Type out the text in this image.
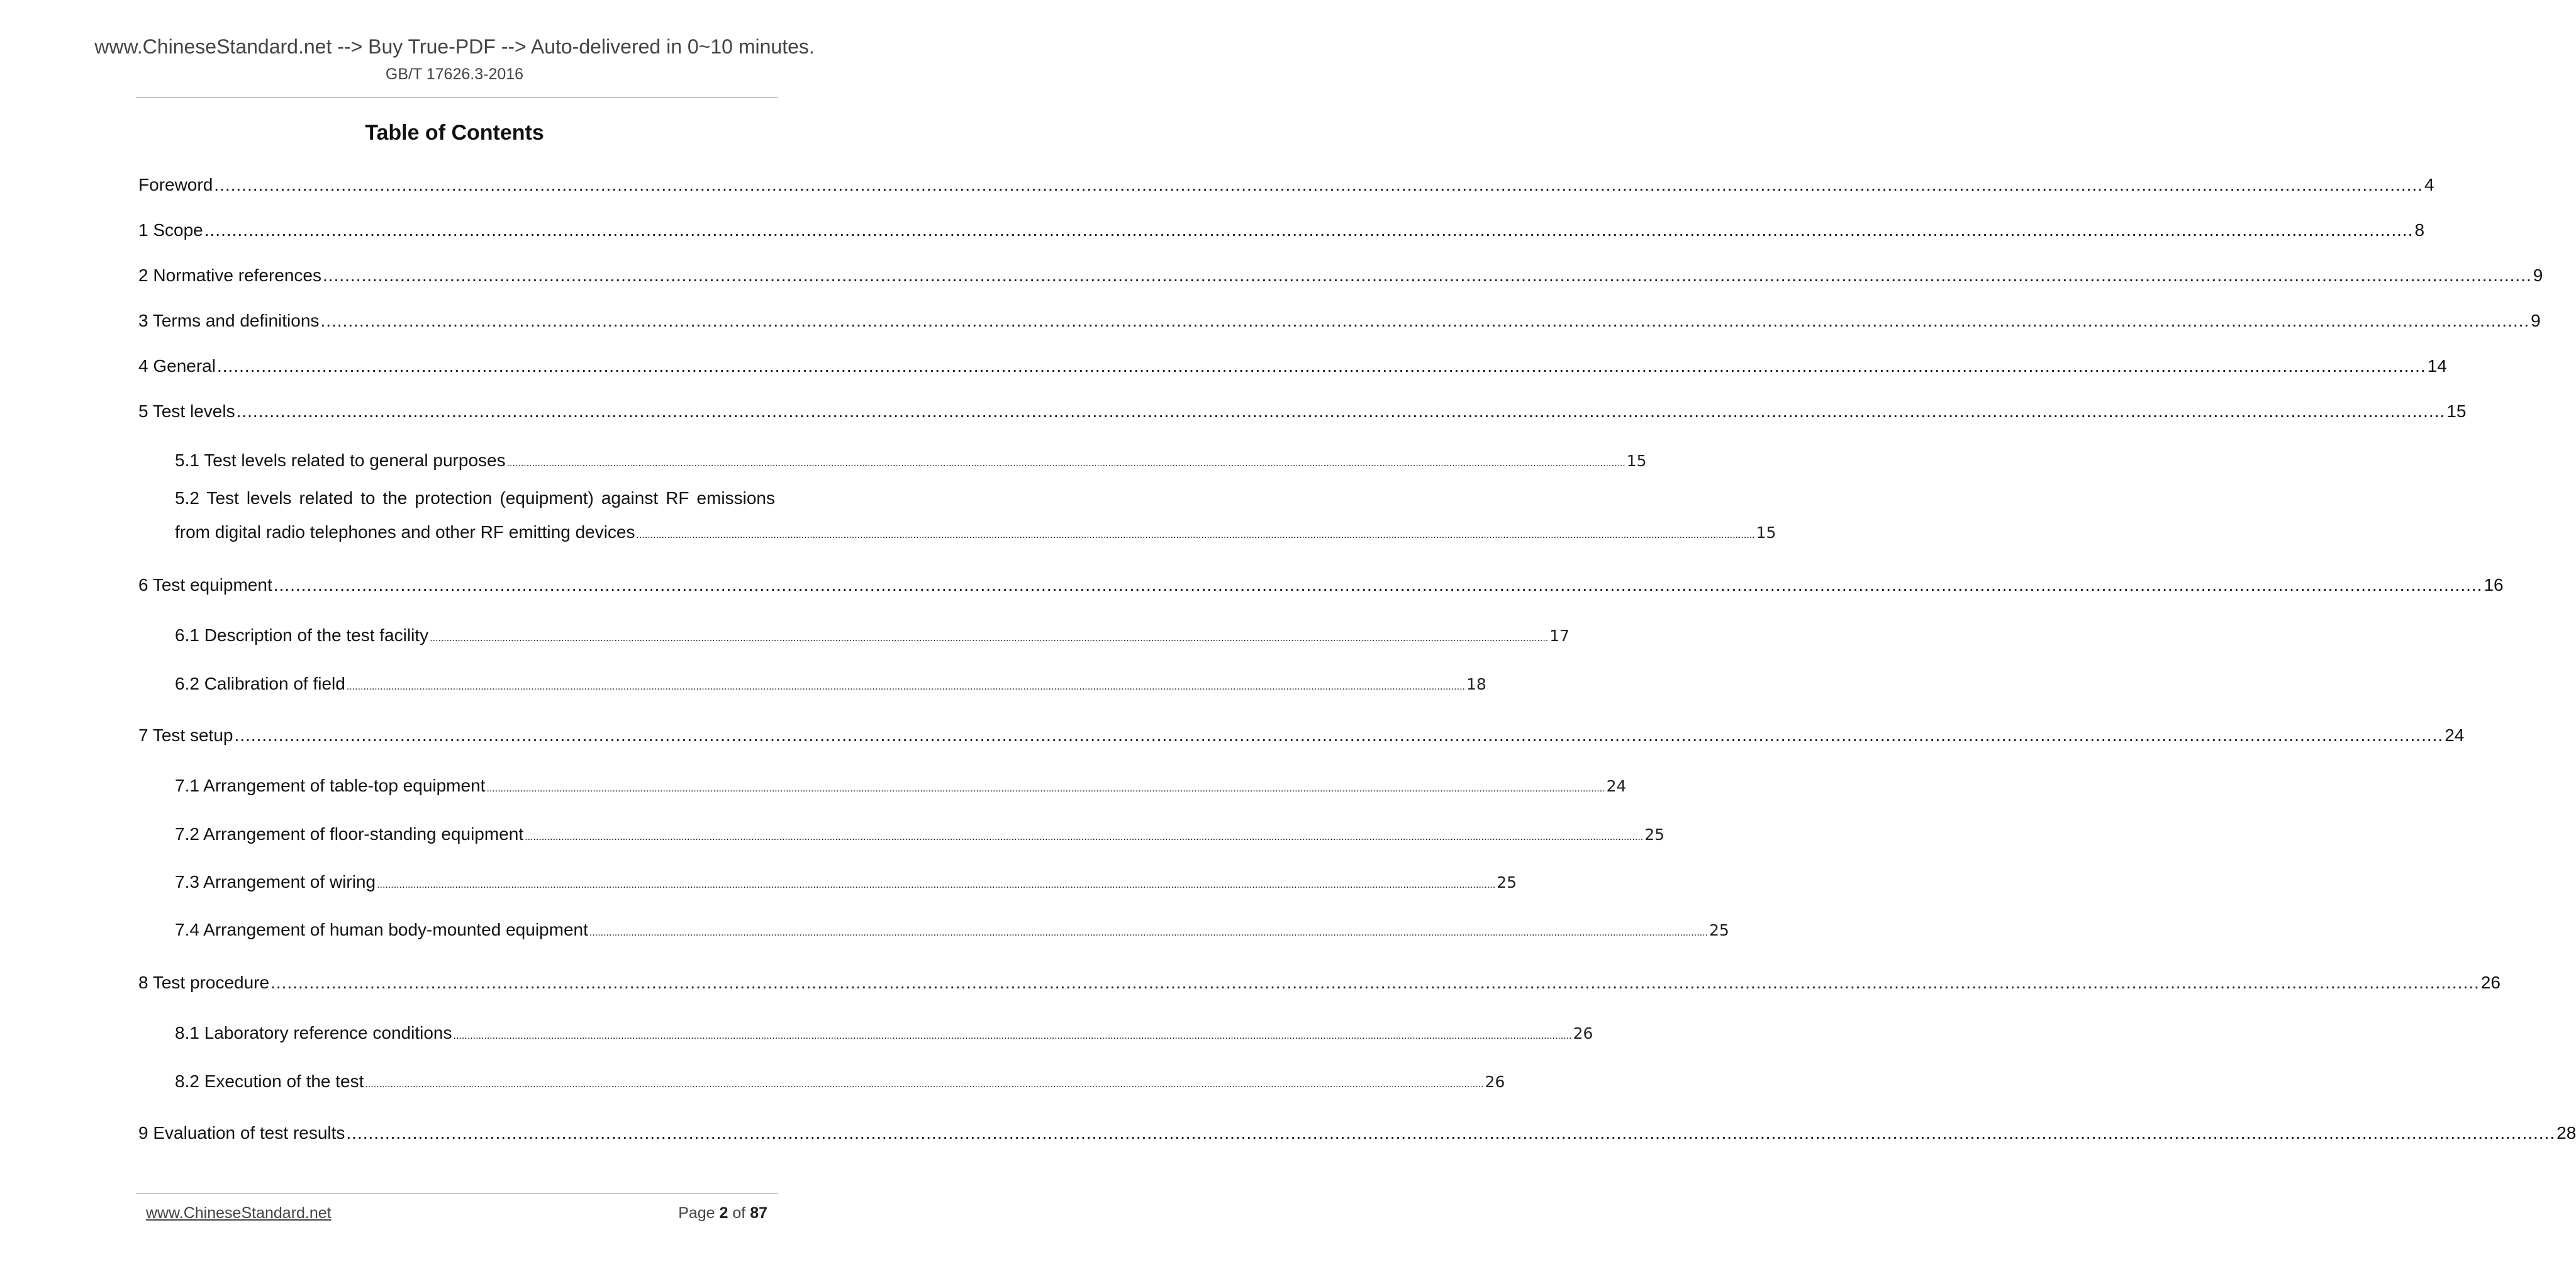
www.ChineseStandard.net --> Buy True-PDF --> Auto-delivered in 0~10 minutes.
GB/T 17626.3-2016
Table of Contents
Foreword ................................................................................................................................................................................................................................................................................................................................................................................................................ 4
1 Scope ................................................................................................................................................................................................................................................................................................................................................................................................................ 8
2 Normative references ................................................................................................................................................................................................................................................................................................................................................................................................................ 9
3 Terms and definitions ................................................................................................................................................................................................................................................................................................................................................................................................................ 9
4 General ................................................................................................................................................................................................................................................................................................................................................................................................................ 14
5 Test levels ................................................................................................................................................................................................................................................................................................................................................................................................................ 15
5.1 Test levels related to general purposes ................................................................................................................................................................................................................................................................................................................................................................................................................ 15
5.2 Test levels related to the protection (equipment) against RF emissions
from digital radio telephones and other RF emitting devices ................................................................................................................................................................................................................................................................................................................................................................................................................ 15
6 Test equipment ................................................................................................................................................................................................................................................................................................................................................................................................................ 16
6.1 Description of the test facility ................................................................................................................................................................................................................................................................................................................................................................................................................ 17
6.2 Calibration of field ................................................................................................................................................................................................................................................................................................................................................................................................................ 18
7 Test setup ................................................................................................................................................................................................................................................................................................................................................................................................................ 24
7.1 Arrangement of table-top equipment ................................................................................................................................................................................................................................................................................................................................................................................................................ 24
7.2 Arrangement of floor-standing equipment ................................................................................................................................................................................................................................................................................................................................................................................................................ 25
7.3 Arrangement of wiring ................................................................................................................................................................................................................................................................................................................................................................................................................ 25
7.4 Arrangement of human body-mounted equipment ................................................................................................................................................................................................................................................................................................................................................................................................................ 25
8 Test procedure ................................................................................................................................................................................................................................................................................................................................................................................................................ 26
8.1 Laboratory reference conditions ................................................................................................................................................................................................................................................................................................................................................................................................................ 26
8.2 Execution of the test ................................................................................................................................................................................................................................................................................................................................................................................................................ 26
9 Evaluation of test results ................................................................................................................................................................................................................................................................................................................................................................................................................ 28
www.ChineseStandard.net	Page 2 of 87
